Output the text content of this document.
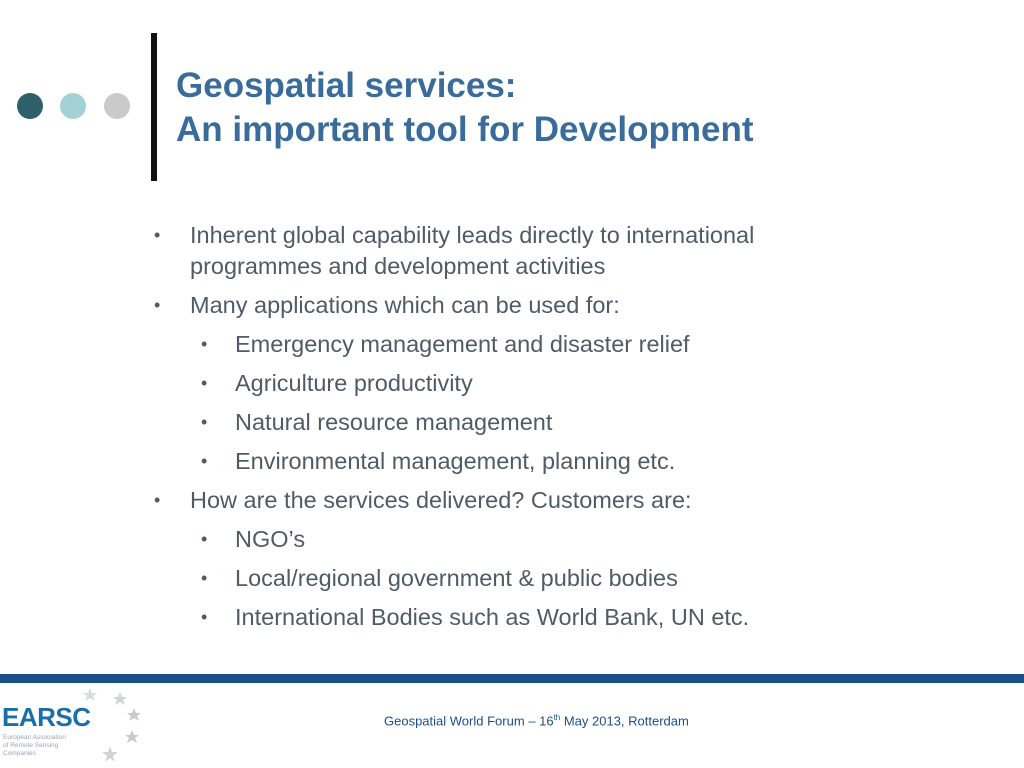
Geospatial services:
An important tool for Development
• Inherent global capability leads directly to international programmes and development activities
• Many applications which can be used for:
• Emergency management and disaster relief
• Agriculture productivity
• Natural resource management
• Environmental management, planning etc.
• How are the services delivered? Customers are:
• NGO’s
• Local/regional government & public bodies
• International Bodies such as World Bank, UN etc.
EARSC
European Association
of Remote Sensing
Companies
Geospatial World Forum – 16th May 2013, Rotterdam
